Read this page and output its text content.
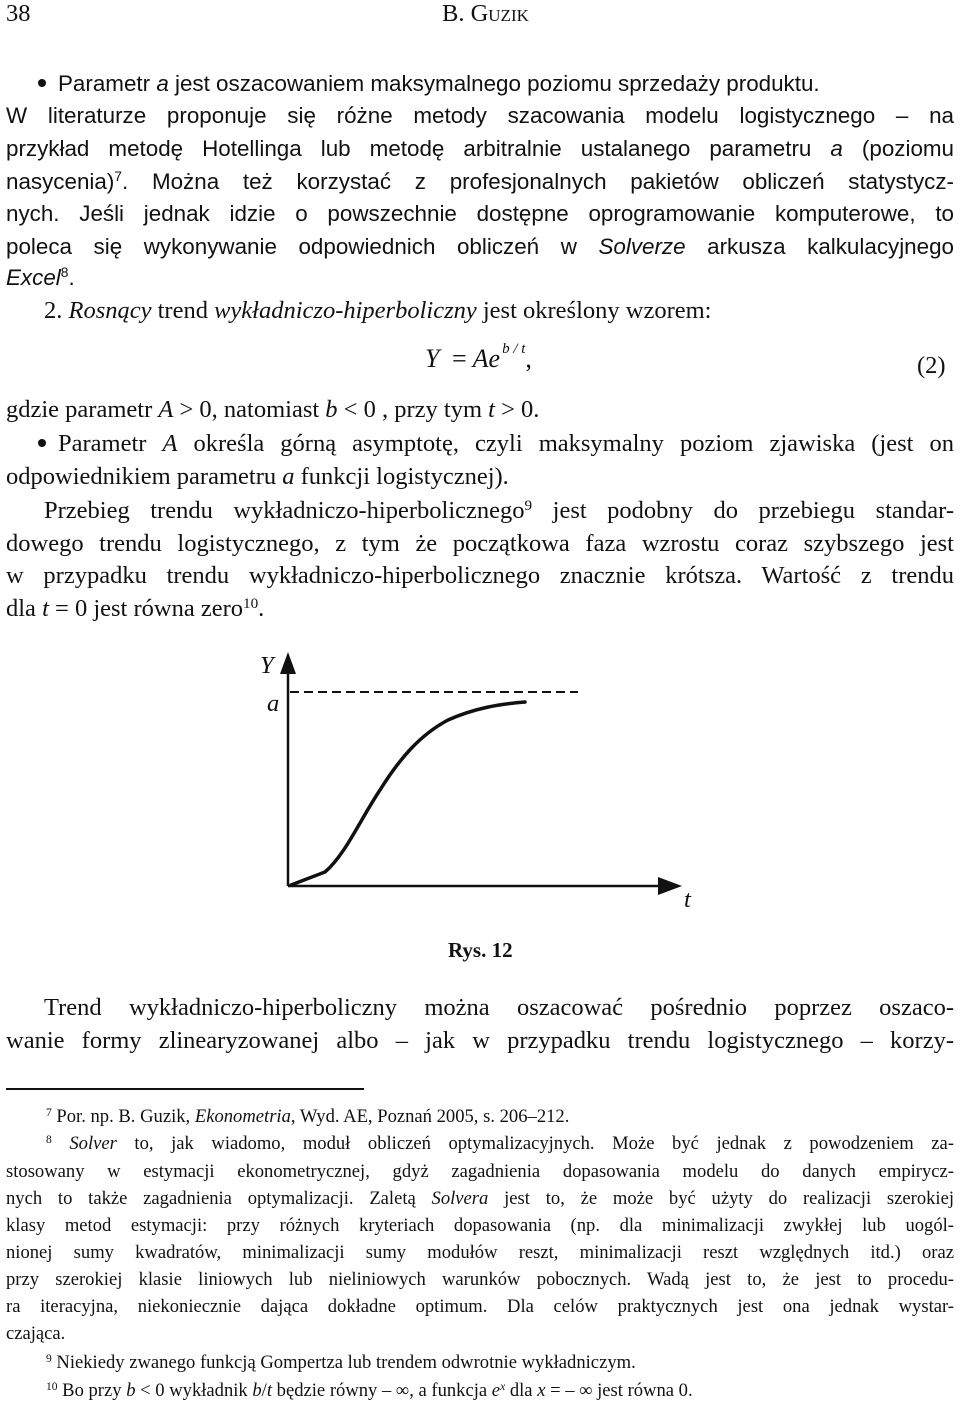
38	B. Guzik
Parametr a jest oszacowaniem maksymalnego poziomu sprzedaży produktu.
W literaturze proponuje się różne metody szacowania modelu logistycznego – na
przykład metodę Hotellinga lub metodę arbitralnie ustalanego parametru a (poziomu
nasycenia)$^7$. Można też korzystać z profesjonalnych pakietów obliczeń statystycz-
nych. Jeśli jednak idzie o powszechnie dostępne oprogramowanie komputerowe, to
poleca się wykonywanie odpowiednich obliczeń w Solverze arkusza kalkulacyjnego
Excel$^8$.
2. Rosnący trend wykładniczo-hiperboliczny jest określony wzorem:
Y = Ae $^{b / t}$,	(2)
gdzie parametr A > 0, natomiast b < 0 , przy tym t > 0.
Parametr A określa górną asymptotę, czyli maksymalny poziom zjawiska (jest on
odpowiednikiem parametru a funkcji logistycznej).
Przebieg trendu wykładniczo-hiperbolicznego$^9$ jest podobny do przebiegu standar-
dowego trendu logistycznego, z tym że początkowa faza wzrostu coraz szybszego jest
w przypadku trendu wykładniczo-hiperbolicznego znacznie krótsza. Wartość z trendu
dla t = 0 jest równa zero$^{10}$.
Y
a
t
Rys. 12
Trend wykładniczo-hiperboliczny można oszacować pośrednio poprzez oszaco-
wanie formy zlinearyzowanej albo – jak w przypadku trendu logistycznego – korzy-
$^7$ Por. np. B. Guzik, Ekonometria, Wyd. AE, Poznań 2005, s. 206–212.
$^8$ Solver to, jak wiadomo, moduł obliczeń optymalizacyjnych. Może być jednak z powodzeniem za-
stosowany w estymacji ekonometrycznej, gdyż zagadnienia dopasowania modelu do danych empirycz-
nych to także zagadnienia optymalizacji. Zaletą Solvera jest to, że może być użyty do realizacji szerokiej
klasy metod estymacji: przy różnych kryteriach dopasowania (np. dla minimalizacji zwykłej lub uogól-
nionej sumy kwadratów, minimalizacji sumy modułów reszt, minimalizacji reszt względnych itd.) oraz
przy szerokiej klasie liniowych lub nieliniowych warunków pobocznych. Wadą jest to, że jest to procedu-
ra iteracyjna, niekoniecznie dająca dokładne optimum. Dla celów praktycznych jest ona jednak wystar-
czająca.
$^9$ Niekiedy zwanego funkcją Gompertza lub trendem odwrotnie wykładniczym.
$^{10}$ Bo przy b < 0 wykładnik b/t będzie równy – ∞, a funkcja $e^x$ dla x = – ∞ jest równa 0.
